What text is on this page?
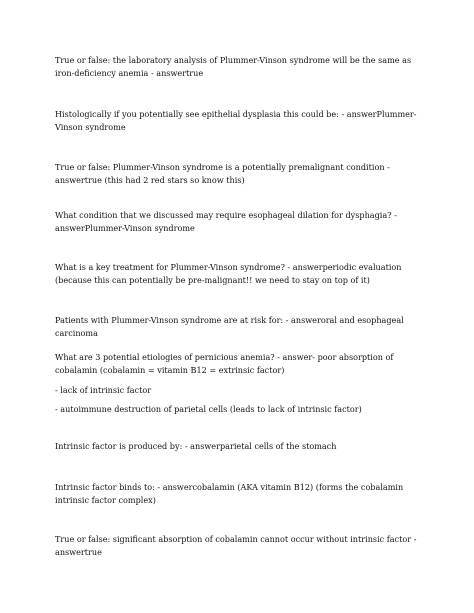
True or false: the laboratory analysis of Plummer-Vinson syndrome will be the same as iron-deficiency anemia - answertrue

Histologically if you potentially see epithelial dysplasia this could be: - answerPlummer-Vinson syndrome

True or false: Plummer-Vinson syndrome is a potentially premalignant condition - answertrue (this had 2 red stars so know this)

What condition that we discussed may require esophageal dilation for dysphagia? - answerPlummer-Vinson syndrome

What is a key treatment for Plummer-Vinson syndrome? - answerperiodic evaluation (because this can potentially be pre-malignant!! we need to stay on top of it)

Patients with Plummer-Vinson syndrome are at risk for: - answeroral and esophageal carcinoma

What are 3 potential etiologies of pernicious anemia? - answer- poor absorption of cobalamin (cobalamin = vitamin B12 = extrinsic factor)

- lack of intrinsic factor

- autoimmune destruction of parietal cells (leads to lack of intrinsic factor)

Intrinsic factor is produced by: - answerparietal cells of the stomach

Intrinsic factor binds to: - answercobalamin (AKA vitamin B12) (forms the cobalamin intrinsic factor complex)

True or false: significant absorption of cobalamin cannot occur without intrinsic factor - answertrue
